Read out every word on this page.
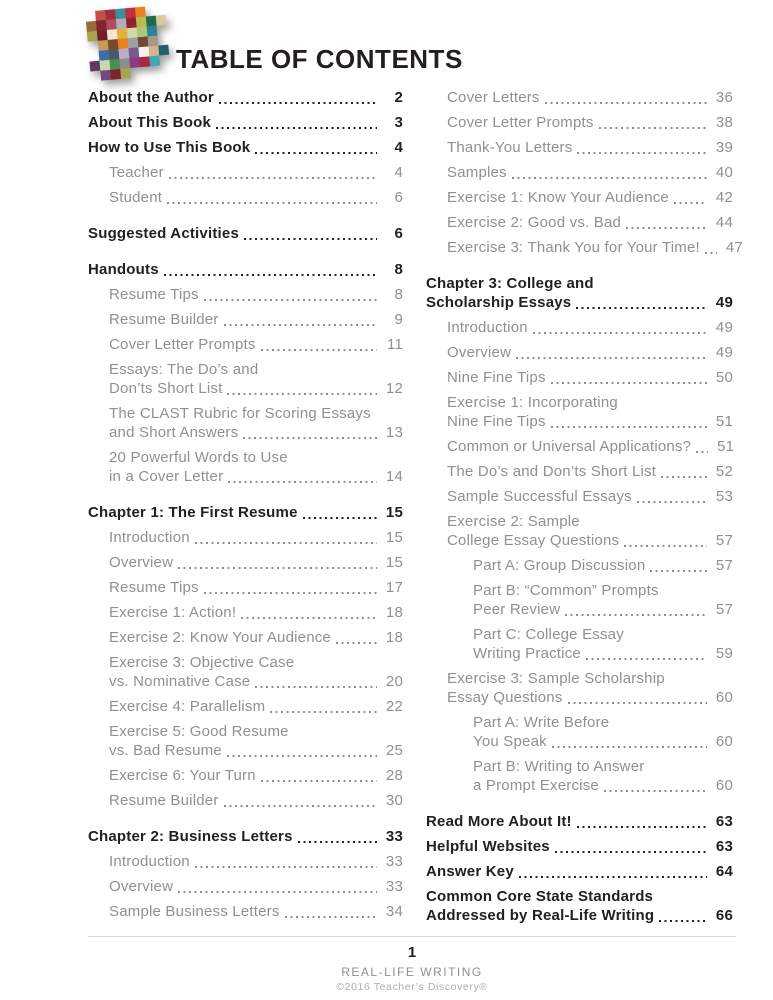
TABLE OF CONTENTS
About the Author	2
About This Book	3
How to Use This Book	4
Teacher	4
Student	6
Suggested Activities	6
Handouts	8
Resume Tips	8
Resume Builder	9
Cover Letter Prompts	11
Essays: The Do’s and
Don’ts Short List	12
The CLAST Rubric for Scoring Essays
and Short Answers	13
20 Powerful Words to Use
in a Cover Letter	14
Chapter 1: The First Resume	15
Introduction	15
Overview	15
Resume Tips	17
Exercise 1: Action!	18
Exercise 2: Know Your Audience	18
Exercise 3: Objective Case
vs. Nominative Case	20
Exercise 4: Parallelism	22
Exercise 5: Good Resume
vs. Bad Resume	25
Exercise 6: Your Turn	28
Resume Builder	30
Chapter 2: Business Letters	33
Introduction	33
Overview	33
Sample Business Letters	34
Cover Letters	36
Cover Letter Prompts	38
Thank-You Letters	39
Samples	40
Exercise 1: Know Your Audience	42
Exercise 2: Good vs. Bad	44
Exercise 3: Thank You for Your Time!	47
Chapter 3: College and
Scholarship Essays	49
Introduction	49
Overview	49
Nine Fine Tips	50
Exercise 1: Incorporating
Nine Fine Tips	51
Common or Universal Applications?	51
The Do’s and Don’ts Short List	52
Sample Successful Essays	53
Exercise 2: Sample
College Essay Questions	57
Part A: Group Discussion	57
Part B: “Common” Prompts
Peer Review	57
Part C: College Essay
Writing Practice	59
Exercise 3: Sample Scholarship
Essay Questions	60
Part A: Write Before
You Speak	60
Part B: Writing to Answer
a Prompt Exercise	60
Read More About It!	63
Helpful Websites	63
Answer Key	64
Common Core State Standards
Addressed by Real-Life Writing	66
1
REAL-LIFE WRITING
©2016 Teacher’s Discovery®
